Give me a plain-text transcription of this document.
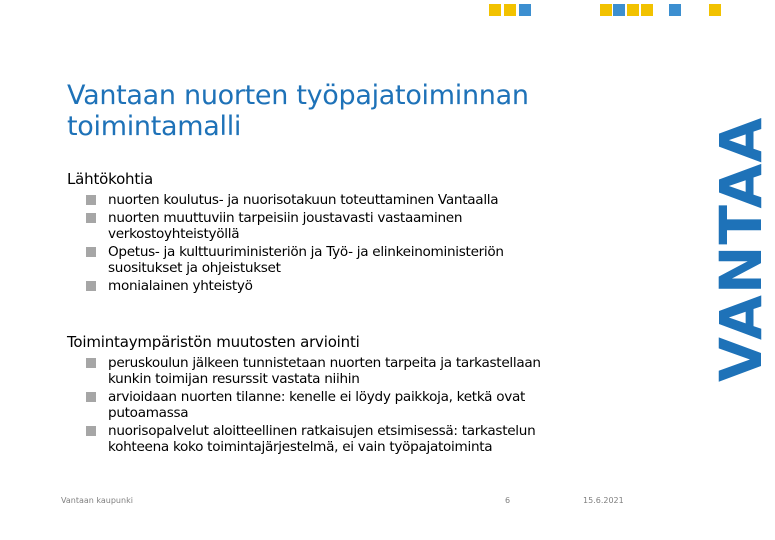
VANTAA
Vantaan nuorten työpajatoiminnan
toimintamalli
Lähtökohtia
nuorten koulutus- ja nuorisotakuun toteuttaminen Vantaalla
nuorten muuttuviin tarpeisiin joustavasti vastaaminen
verkostoyhteistyöllä
Opetus- ja kulttuuriministeriön ja Työ- ja elinkeinoministeriön
suositukset ja ohjeistukset
monialainen yhteistyö
Toimintaympäristön muutosten arviointi
peruskoulun jälkeen tunnistetaan nuorten tarpeita ja tarkastellaan
kunkin toimijan resurssit vastata niihin
arvioidaan nuorten tilanne: kenelle ei löydy paikkoja, ketkä ovat
putoamassa
nuorisopalvelut aloitteellinen ratkaisujen etsimisessä: tarkastelun
kohteena koko toimintajärjestelmä, ei vain työpajatoiminta
Vantaan kaupunki	6	15.6.2021
